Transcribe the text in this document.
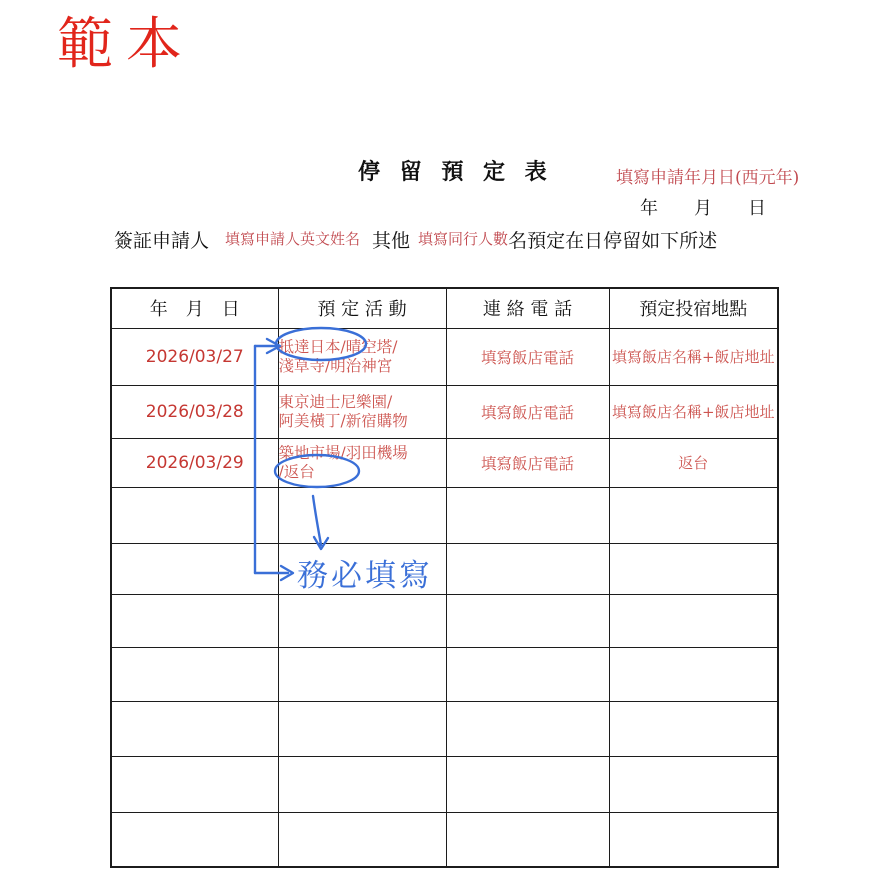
範本
停 留 預 定 表	填寫申請年月日(西元年)
年　　月　　日
簽証申請人 填寫申請人英文姓名 其他 填寫同行人數名預定在日停留如下所述
年　月　日	預 定 活 動	連 絡 電 話	預定投宿地點
2026/03/27	抵達日本/晴空塔/
淺草寺/明治神宮	填寫飯店電話	填寫飯店名稱+飯店地址
2026/03/28	東京迪士尼樂園/
阿美橫丁/新宿購物	填寫飯店電話	填寫飯店名稱+飯店地址
2026/03/29	築地市場/羽田機場
/返台	填寫飯店電話	返台

務必填寫
